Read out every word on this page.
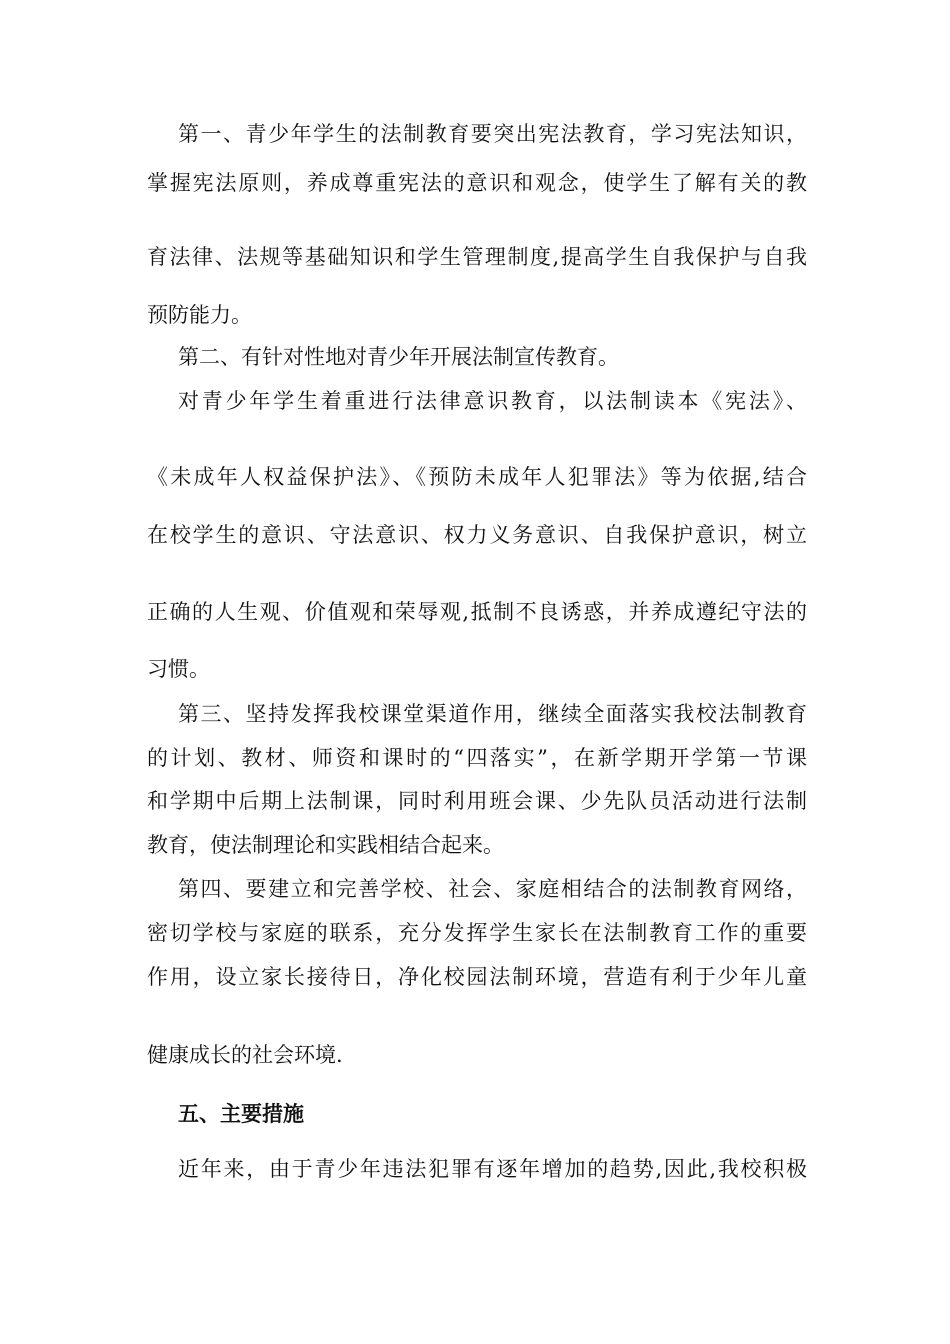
第一、青少年学生的法制教育要突出宪法教育，学习宪法知识，
掌握宪法原则，养成尊重宪法的意识和观念，使学生了解有关的教
育法律、法规等基础知识和学生管理制度,提高学生自我保护与自我
预防能力。
第二、有针对性地对青少年开展法制宣传教育。
对青少年学生着重进行法律意识教育，以法制读本《宪法》、
《未成年人权益保护法》、《预防未成年人犯罪法》等为依据,结合
在校学生的意识、守法意识、权力义务意识、自我保护意识，树立
正确的人生观、价值观和荣辱观,抵制不良诱惑，并养成遵纪守法的
习惯。
第三、坚持发挥我校课堂渠道作用，继续全面落实我校法制教育
的计划、教材、师资和课时的“四落实”，在新学期开学第一节课
和学期中后期上法制课，同时利用班会课、少先队员活动进行法制
教育，使法制理论和实践相结合起来。
第四、要建立和完善学校、社会、家庭相结合的法制教育网络，
密切学校与家庭的联系，充分发挥学生家长在法制教育工作的重要
作用，设立家长接待日，净化校园法制环境，营造有利于少年儿童
健康成长的社会环境.
五、主要措施
近年来，由于青少年违法犯罪有逐年增加的趋势,因此,我校积极
